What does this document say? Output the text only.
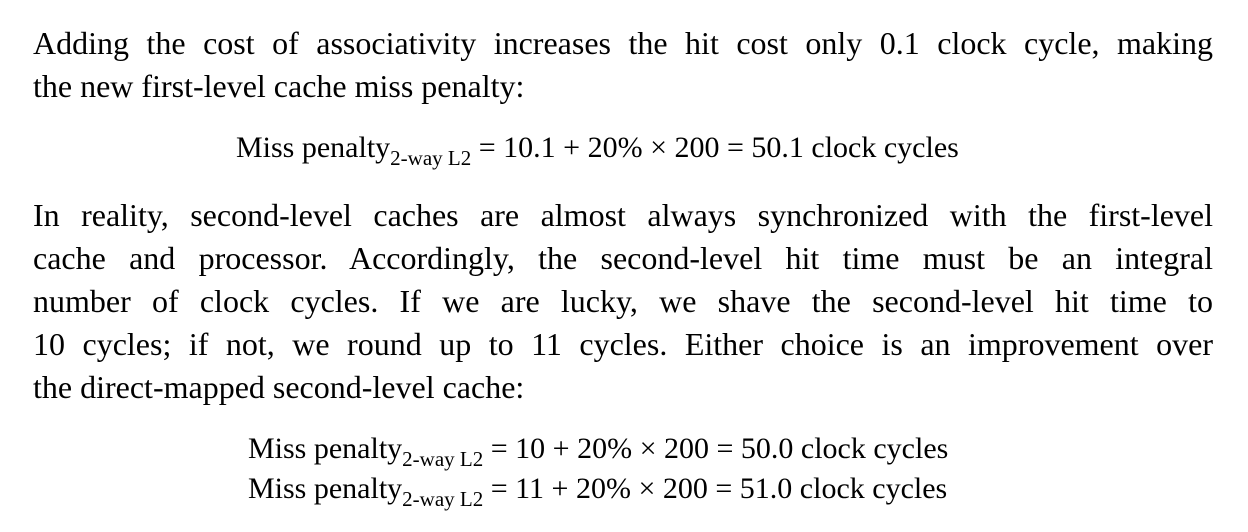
Adding the cost of associativity increases the hit cost only 0.1 clock cycle, making
the new first-level cache miss penalty:

Miss penalty$_{2-way L2}$ = 10.1 + 20% × 200 = 50.1 clock cycles

In reality, second-level caches are almost always synchronized with the first-level
cache and processor. Accordingly, the second-level hit time must be an integral
number of clock cycles. If we are lucky, we shave the second-level hit time to
10 cycles; if not, we round up to 11 cycles. Either choice is an improvement over
the direct-mapped second-level cache:

Miss penalty$_{2-way L2}$ = 10 + 20% × 200 = 50.0 clock cycles
Miss penalty$_{2-way L2}$ = 11 + 20% × 200 = 51.0 clock cycles
